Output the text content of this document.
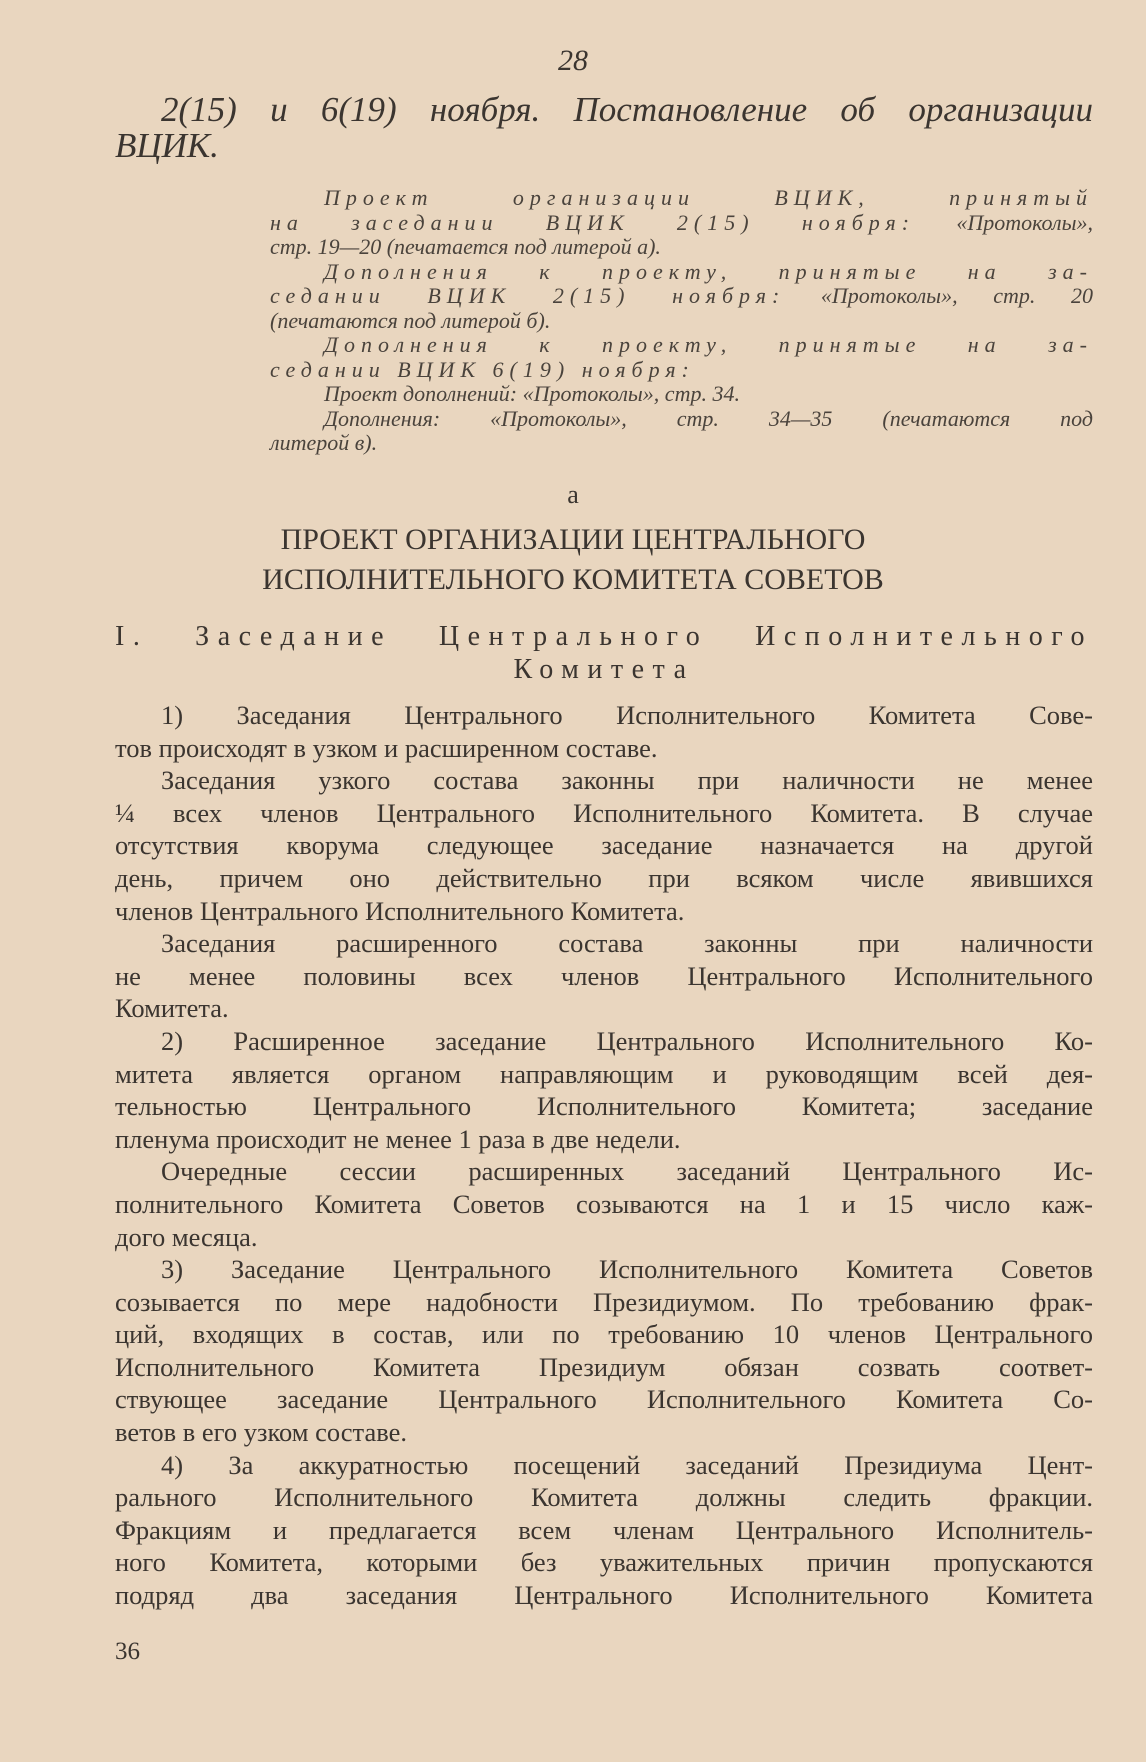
28
2(15) и 6(19) ноября. Постановление об организации
ВЦИК.
Проект организации ВЦИК, принятый
на заседании ВЦИК 2(15) ноября: «Протоколы»,
стр. 19—20 (печатается под литерой а).
Дополнения к проекту, принятые на за-
седании ВЦИК 2(15) ноября: «Протоколы», стр. 20
(печатаются под литерой б).
Дополнения к проекту, принятые на за-
седании ВЦИК 6(19) ноября:
Проект дополнений: «Протоколы», стр. 34.
Дополнения: «Протоколы», стр. 34—35 (печатаются под
литерой в).
а
ПРОЕКТ ОРГАНИЗАЦИИ ЦЕНТРАЛЬНОГО
ИСПОЛНИТЕЛЬНОГО КОМИТЕТА СОВЕТОВ
I. Заседание Центрального Исполнительного
Комитета
1) Заседания Центрального Исполнительного Комитета Сове-
тов происходят в узком и расширенном составе.
Заседания узкого состава законны при наличности не менее
¼ всех членов Центрального Исполнительного Комитета. В случае
отсутствия кворума следующее заседание назначается на другой
день, причем оно действительно при всяком числе явившихся
членов Центрального Исполнительного Комитета.
Заседания расширенного состава законны при наличности
не менее половины всех членов Центрального Исполнительного
Комитета.
2) Расширенное заседание Центрального Исполнительного Ко-
митета является органом направляющим и руководящим всей дея-
тельностью Центрального Исполнительного Комитета; заседание
пленума происходит не менее 1 раза в две недели.
Очередные сессии расширенных заседаний Центрального Ис-
полнительного Комитета Советов созываются на 1 и 15 число каж-
дого месяца.
3) Заседание Центрального Исполнительного Комитета Советов
созывается по мере надобности Президиумом. По требованию фрак-
ций, входящих в состав, или по требованию 10 членов Центрального
Исполнительного Комитета Президиум обязан созвать соответ-
ствующее заседание Центрального Исполнительного Комитета Со-
ветов в его узком составе.
4) За аккуратностью посещений заседаний Президиума Цент-
рального Исполнительного Комитета должны следить фракции.
Фракциям и предлагается всем членам Центрального Исполнитель-
ного Комитета, которыми без уважительных причин пропускаются
подряд два заседания Центрального Исполнительного Комитета
36
